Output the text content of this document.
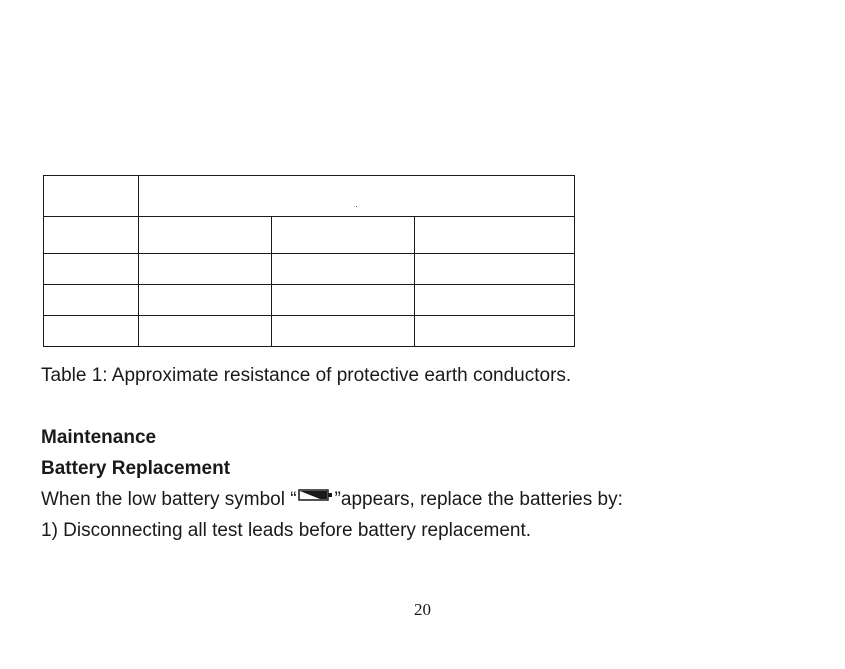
Table 1: Approximate resistance of protective earth conductors.
Maintenance
Battery Replacement
When the low battery symbol “ ”appears, replace the batteries by:
1) Disconnecting all test leads before battery replacement.
20
